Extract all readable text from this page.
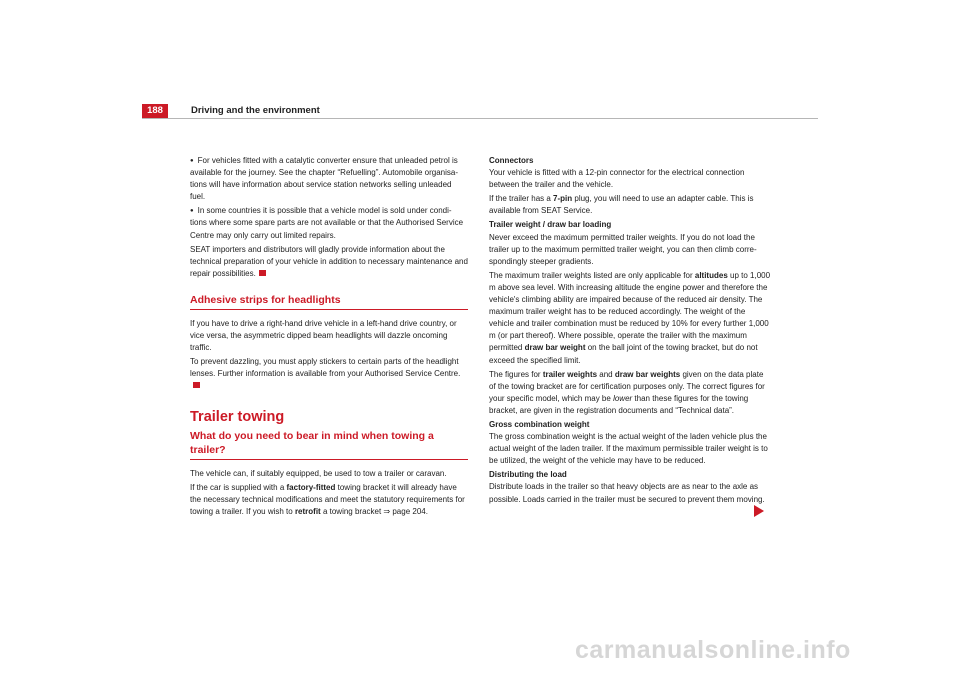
188	Driving and the environment

● For vehicles fitted with a catalytic converter ensure that unleaded petrol is available for the journey. See the chapter “Refuelling”. Automobile organisa-tions will have information about service station networks selling unleaded fuel.

● In some countries it is possible that a vehicle model is sold under condi-tions where some spare parts are not available or that the Authorised Service Centre may only carry out limited repairs.

SEAT importers and distributors will gladly provide information about the technical preparation of your vehicle in addition to necessary maintenance and repair possibilities.

Adhesive strips for headlights

If you have to drive a right-hand drive vehicle in a left-hand drive country, or vice versa, the asymmetric dipped beam headlights will dazzle oncoming traffic.

To prevent dazzling, you must apply stickers to certain parts of the headlight lenses. Further information is available from your Authorised Service Centre.

Trailer towing
What do you need to bear in mind when towing a trailer?

The vehicle can, if suitably equipped, be used to tow a trailer or caravan.

If the car is supplied with a factory-fitted towing bracket it will already have the necessary technical modifications and meet the statutory requirements for towing a trailer. If you wish to retrofit a towing bracket ⇒ page 204.

Connectors

Your vehicle is fitted with a 12-pin connector for the electrical connection between the trailer and the vehicle.

If the trailer has a 7-pin plug, you will need to use an adapter cable. This is available from SEAT Service.

Trailer weight / draw bar loading

Never exceed the maximum permitted trailer weights. If you do not load the trailer up to the maximum permitted trailer weight, you can then climb corre-spondingly steeper gradients.

The maximum trailer weights listed are only applicable for altitudes up to 1,000 m above sea level. With increasing altitude the engine power and therefore the vehicle's climbing ability are impaired because of the reduced air density. The maximum trailer weight has to be reduced accordingly. The weight of the vehicle and trailer combination must be reduced by 10% for every further 1,000 m (or part thereof). Where possible, operate the trailer with the maximum permitted draw bar weight on the ball joint of the towing bracket, but do not exceed the specified limit.

The figures for trailer weights and draw bar weights given on the data plate of the towing bracket are for certification purposes only. The correct figures for your specific model, which may be lower than these figures for the towing bracket, are given in the registration documents and “Technical data”.

Gross combination weight

The gross combination weight is the actual weight of the laden vehicle plus the actual weight of the laden trailer. If the maximum permissible trailer weight is to be utilized, the weight of the vehicle may have to be reduced.

Distributing the load

Distribute loads in the trailer so that heavy objects are as near to the axle as possible. Loads carried in the trailer must be secured to prevent them moving.

carmanualsonline.info
